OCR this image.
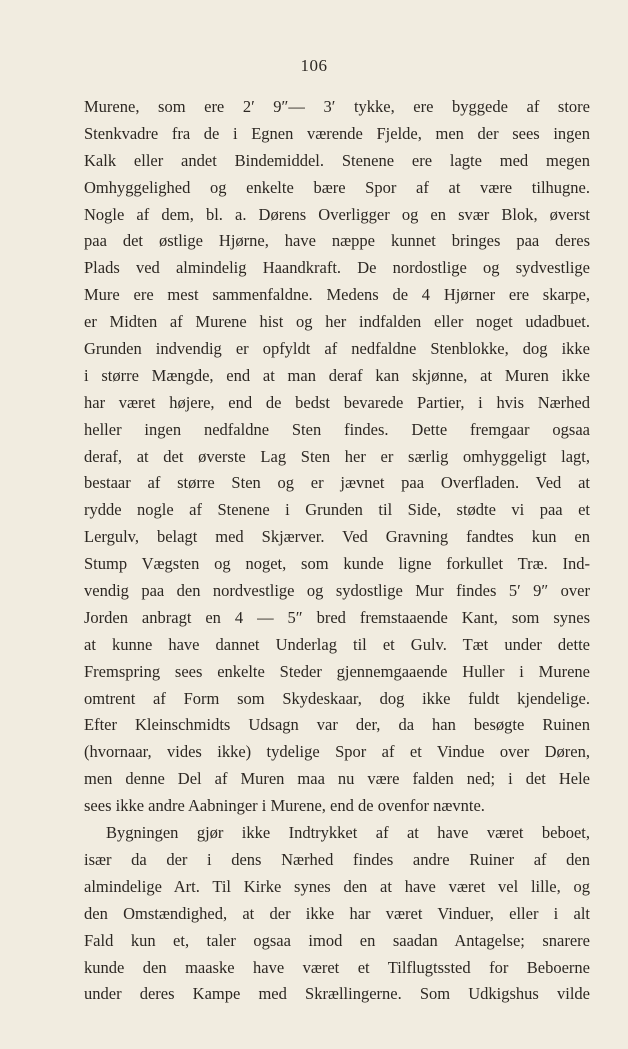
106
Murene, som ere 2′ 9″— 3′ tykke, ere byggede af store
Stenkvadre fra de i Egnen værende Fjelde, men der sees ingen
Kalk eller andet Bindemiddel. Stenene ere lagte med megen
Omhyggelighed og enkelte bære Spor af at være tilhugne.
Nogle af dem, bl. a. Dørens Overligger og en svær Blok, øverst
paa det østlige Hjørne, have næppe kunnet bringes paa deres
Plads ved almindelig Haandkraft. De nordostlige og sydvestlige
Mure ere mest sammenfaldne. Medens de 4 Hjørner ere skarpe,
er Midten af Murene hist og her indfalden eller noget udadbuet.
Grunden indvendig er opfyldt af nedfaldne Stenblokke, dog ikke
i større Mængde, end at man deraf kan skjønne, at Muren ikke
har været højere, end de bedst bevarede Partier, i hvis Nærhed
heller ingen nedfaldne Sten findes. Dette fremgaar ogsaa
deraf, at det øverste Lag Sten her er særlig omhyggeligt lagt,
bestaar af større Sten og er jævnet paa Overfladen. Ved at
rydde nogle af Stenene i Grunden til Side, stødte vi paa et
Lergulv, belagt med Skjærver. Ved Gravning fandtes kun en
Stump Vægsten og noget, som kunde ligne forkullet Træ. Ind-
vendig paa den nordvestlige og sydostlige Mur findes 5′ 9″ over
Jorden anbragt en 4 — 5″ bred fremstaaende Kant, som synes
at kunne have dannet Underlag til et Gulv. Tæt under dette
Fremspring sees enkelte Steder gjennemgaaende Huller i Murene
omtrent af Form som Skydeskaar, dog ikke fuldt kjendelige.
Efter Kleinschmidts Udsagn var der, da han besøgte Ruinen
(hvornaar, vides ikke) tydelige Spor af et Vindue over Døren,
men denne Del af Muren maa nu være falden ned; i det Hele
sees ikke andre Aabninger i Murene, end de ovenfor nævnte.
Bygningen gjør ikke Indtrykket af at have været beboet,
især da der i dens Nærhed findes andre Ruiner af den
almindelige Art. Til Kirke synes den at have været vel lille, og
den Omstændighed, at der ikke har været Vinduer, eller i alt
Fald kun et, taler ogsaa imod en saadan Antagelse; snarere
kunde den maaske have været et Tilflugtssted for Beboerne
under deres Kampe med Skrællingerne. Som Udkigshus vilde
